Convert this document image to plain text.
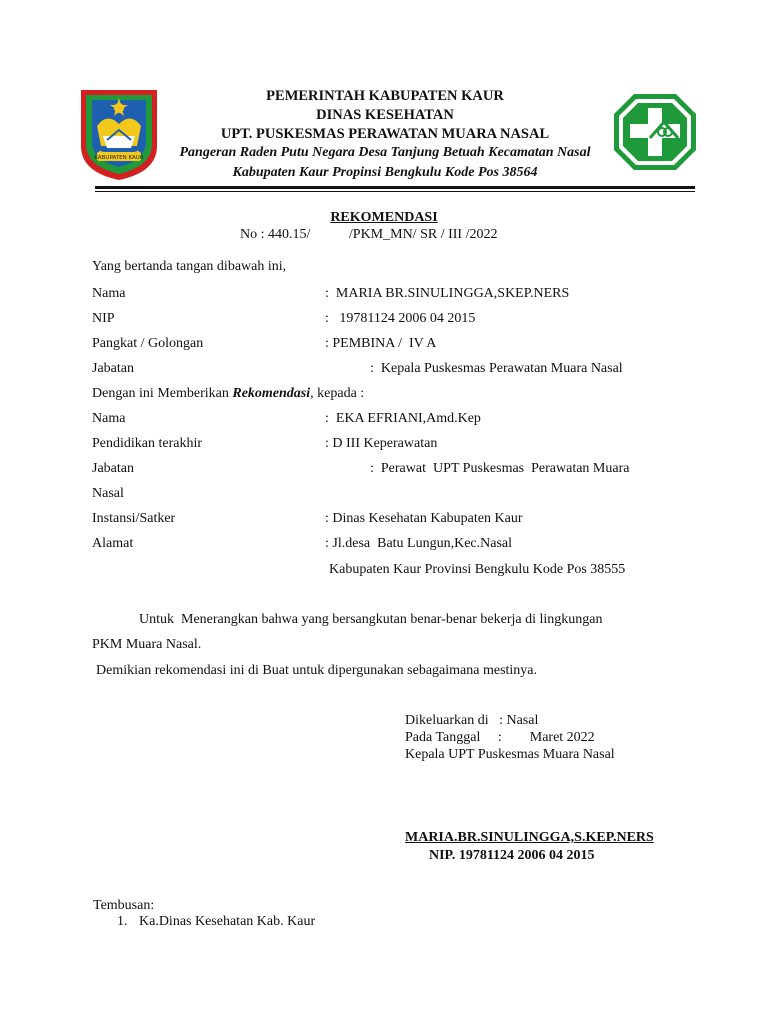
KABUPATEN KAUR
PEMERINTAH KABUPATEN KAUR
DINAS KESEHATAN
UPT. PUSKESMAS PERAWATAN MUARA NASAL
Pangeran Raden Putu Negara Desa Tanjung Betuah Kecamatan Nasal
Kabupaten Kaur Propinsi Bengkulu Kode Pos 38564
REKOMENDASI
No : 440.15/           /PKM_MN/ SR / III /2022
Yang bertanda tangan dibawah ini,
Nama	:  MARIA BR.SINULINGGA,SKEP.NERS
NIP	:   19781124 2006 04 2015
Pangkat / Golongan	: PEMBINA /  IV A
Jabatan	:  Kepala Puskesmas Perawatan Muara Nasal
Dengan ini Memberikan Rekomendasi, kepada :
Nama	:  EKA EFRIANI,Amd.Kep
Pendidikan terakhir	: D III Keperawatan
Jabatan	:  Perawat  UPT Puskesmas  Perawatan Muara
Nasal
Instansi/Satker	: Dinas Kesehatan Kabupaten Kaur
Alamat	: Jl.desa  Batu Lungun,Kec.Nasal
Kabupaten Kaur Provinsi Bengkulu Kode Pos 38555
Untuk  Menerangkan bahwa yang bersangkutan benar-benar bekerja di lingkungan
PKM Muara Nasal.
Demikian rekomendasi ini di Buat untuk dipergunakan sebagaimana mestinya.
Dikeluarkan di   : Nasal
Pada Tanggal     :        Maret 2022
Kepala UPT Puskesmas Muara Nasal
MARIA.BR.SINULINGGA,S.KEP.NERS
NIP. 19781124 2006 04 2015
Tembusan:
1. Ka.Dinas Kesehatan Kab. Kaur
